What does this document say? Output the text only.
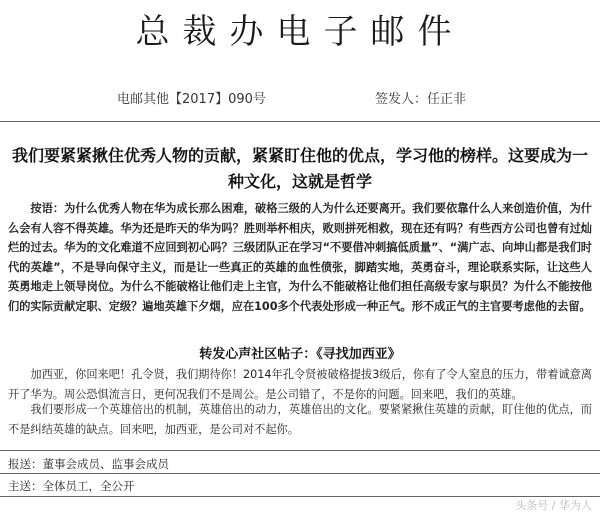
总裁办电子邮件
电邮其他【2017】090号	签发人：任正非
我们要紧紧揪住优秀人物的贡献，紧紧盯住他的优点，学习他的榜样。这要成为一种文化，这就是哲学
按语：为什么优秀人物在华为成长那么困难，破格三级的人为什么还要离开。我们要依靠什么人来创造价值，为什么会有人容不得英雄。华为还是昨天的华为吗？胜则举杯相庆，败则拼死相救，现在还有吗？有些西方公司也曾有过灿烂的过去。华为的文化难道不应回到初心吗？三级团队正在学习“不要借冲刺搞低质量”、“满广志、向坤山都是我们时代的英雄”，不是导向保守主义，而是让一些真正的英雄的血性偾张，脚踏实地，英勇奋斗，理论联系实际，让这些人英勇地走上领导岗位。为什么不能破格让他们走上主官，为什么不能破格让他们担任高级专家与职员？为什么不能按他们的实际贡献定职、定级？遍地英雄下夕烟，应在100多个代表处形成一种正气。形不成正气的主官要考虑他的去留。
转发心声社区帖子：《寻找加西亚》
加西亚，你回来吧！孔令贤，我们期待你！2014年孔令贤被破格提拔3级后，你有了令人窒息的压力，带着诚意离开了华为。周公恐惧流言日，更何况我们不是周公。是公司错了，不是你的问题。回来吧，我们的英雄。
我们要形成一个英雄倍出的机制，英雄倍出的动力，英雄倍出的文化。要紧紧揪住英雄的贡献，盯住他的优点，而不是纠结英雄的缺点。回来吧，加西亚，是公司对不起你。
报送：董事会成员、监事会成员
主送：全体员工，全公开
头条号 / 华为人
